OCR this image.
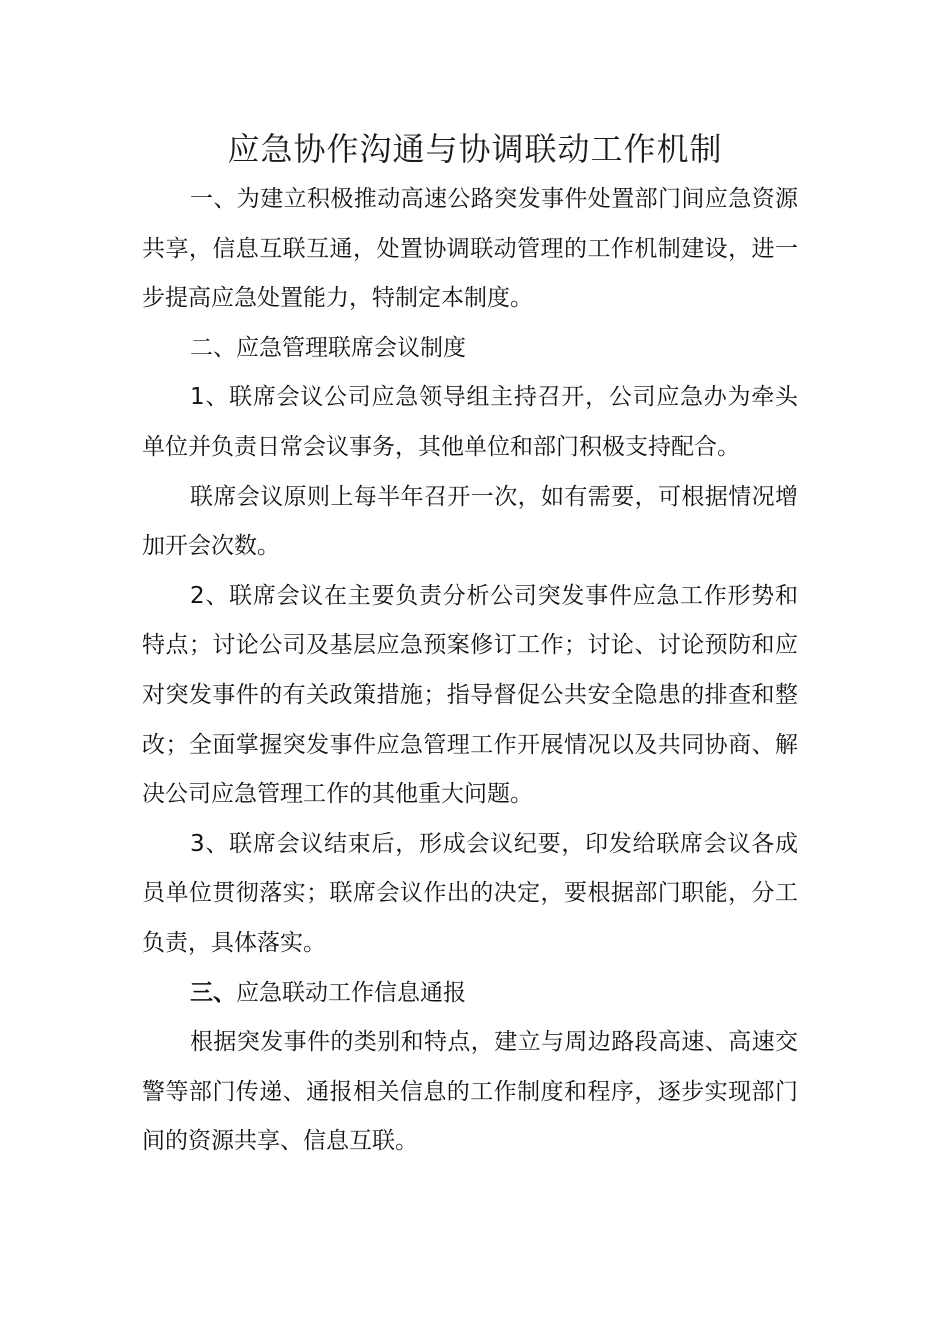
应急协作沟通与协调联动工作机制

一、为建立积极推动高速公路突发事件处置部门间应急资源共享，信息互联互通，处置协调联动管理的工作机制建设，进一步提高应急处置能力，特制定本制度。

二、应急管理联席会议制度

1、联席会议公司应急领导组主持召开，公司应急办为牵头单位并负责日常会议事务，其他单位和部门积极支持配合。

联席会议原则上每半年召开一次，如有需要，可根据情况增加开会次数。

2、联席会议在主要负责分析公司突发事件应急工作形势和特点；讨论公司及基层应急预案修订工作；讨论、讨论预防和应对突发事件的有关政策措施；指导督促公共安全隐患的排查和整改；全面掌握突发事件应急管理工作开展情况以及共同协商、解决公司应急管理工作的其他重大问题。

3、联席会议结束后，形成会议纪要，印发给联席会议各成员单位贯彻落实；联席会议作出的决定，要根据部门职能，分工负责，具体落实。

三、应急联动工作信息通报

根据突发事件的类别和特点，建立与周边路段高速、高速交警等部门传递、通报相关信息的工作制度和程序，逐步实现部门间的资源共享、信息互联。
